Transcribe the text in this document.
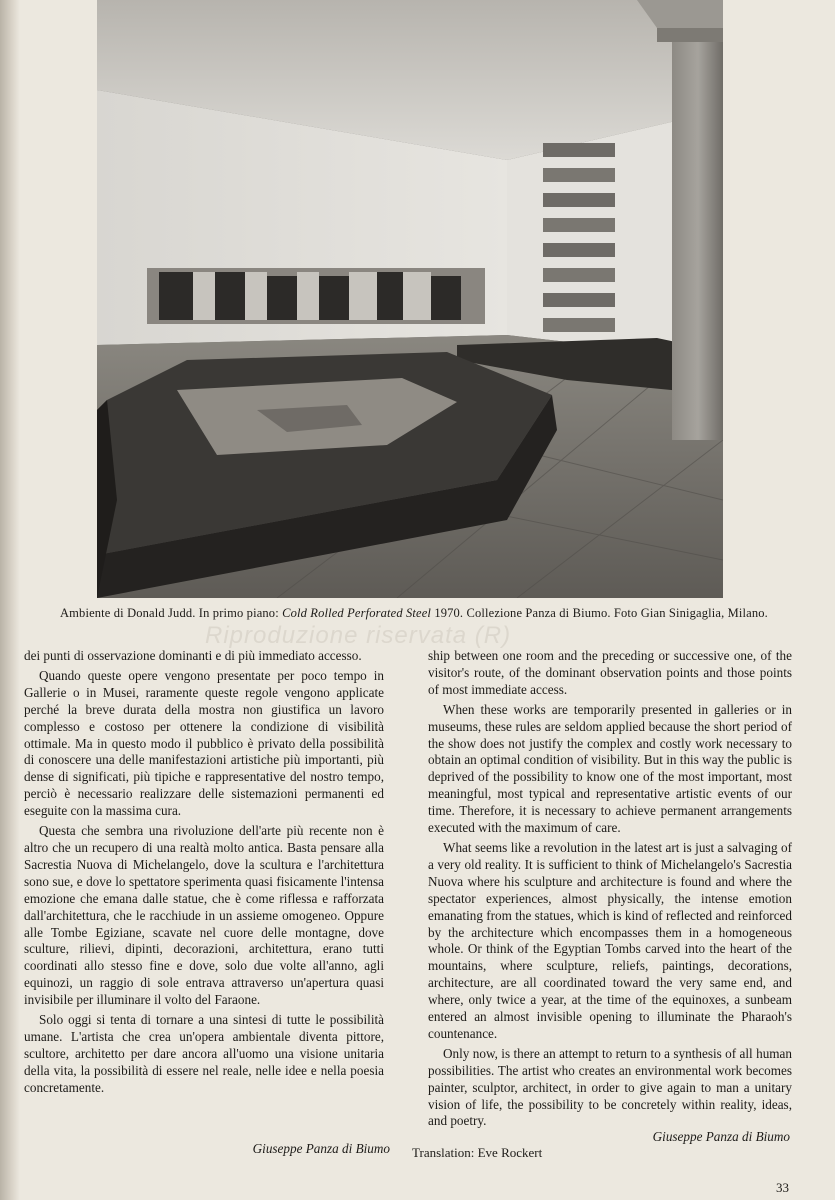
Ambiente di Donald Judd. In primo piano: Cold Rolled Perforated Steel 1970. Collezione Panza di Biumo. Foto Gian Sinigaglia, Milano.
Riproduzione riservata (R)

dei punti di osservazione dominanti e di più immediato accesso.

Quando queste opere vengono presentate per poco tempo in Gallerie o in Musei, raramente queste regole vengono applicate perché la breve durata della mostra non giustifica un lavoro complesso e costoso per ottenere la condizione di visibilità ottimale. Ma in questo modo il pubblico è privato della possibilità di conoscere una delle manifestazioni artistiche più importanti, più dense di significati, più tipiche e rappresentative del nostro tempo, perciò è necessario realizzare delle sistemazioni permanenti ed eseguite con la massima cura.

Questa che sembra una rivoluzione dell'arte più recente non è altro che un recupero di una realtà molto antica. Basta pensare alla Sacrestia Nuova di Michelangelo, dove la scultura e l'architettura sono sue, e dove lo spettatore sperimenta quasi fisicamente l'intensa emozione che emana dalle statue, che è come riflessa e rafforzata dall'architettura, che le racchiude in un assieme omogeneo. Oppure alle Tombe Egiziane, scavate nel cuore delle montagne, dove sculture, rilievi, dipinti, decorazioni, architettura, erano tutti coordinati allo stesso fine e dove, solo due volte all'anno, agli equinozi, un raggio di sole entrava attraverso un'apertura quasi invisibile per illuminare il volto del Faraone.

Solo oggi si tenta di tornare a una sintesi di tutte le possibilità umane. L'artista che crea un'opera ambientale diventa pittore, scultore, architetto per dare ancora all'uomo una visione unitaria della vita, la possibilità di essere nel reale, nelle idee e nella poesia concretamente.

Giuseppe Panza di Biumo

ship between one room and the preceding or successive one, of the visitor's route, of the dominant observation points and those points of most immediate access.

When these works are temporarily presented in galleries or in museums, these rules are seldom applied because the short period of the show does not justify the complex and costly work necessary to obtain an optimal condition of visibility. But in this way the public is deprived of the possibility to know one of the most important, most meaningful, most typical and representative artistic events of our time. Therefore, it is necessary to achieve permanent arrangements executed with the maximum of care.

What seems like a revolution in the latest art is just a salvaging of a very old reality. It is sufficient to think of Michelangelo's Sacrestia Nuova where his sculpture and architecture is found and where the spectator experiences, almost physically, the intense emotion emanating from the statues, which is kind of reflected and reinforced by the architecture which encompasses them in a homogeneous whole. Or think of the Egyptian Tombs carved into the heart of the mountains, where sculpture, reliefs, paintings, decorations, architecture, are all coordinated toward the very same end, and where, only twice a year, at the time of the equinoxes, a sunbeam entered an almost invisible opening to illuminate the Pharaoh's countenance.

Only now, is there an attempt to return to a synthesis of all human possibilities. The artist who creates an environmental work becomes painter, sculptor, architect, in order to give again to man a unitary vision of life, the possibility to be concretely within reality, ideas, and poetry.

Giuseppe Panza di Biumo
Translation: Eve Rockert
33
